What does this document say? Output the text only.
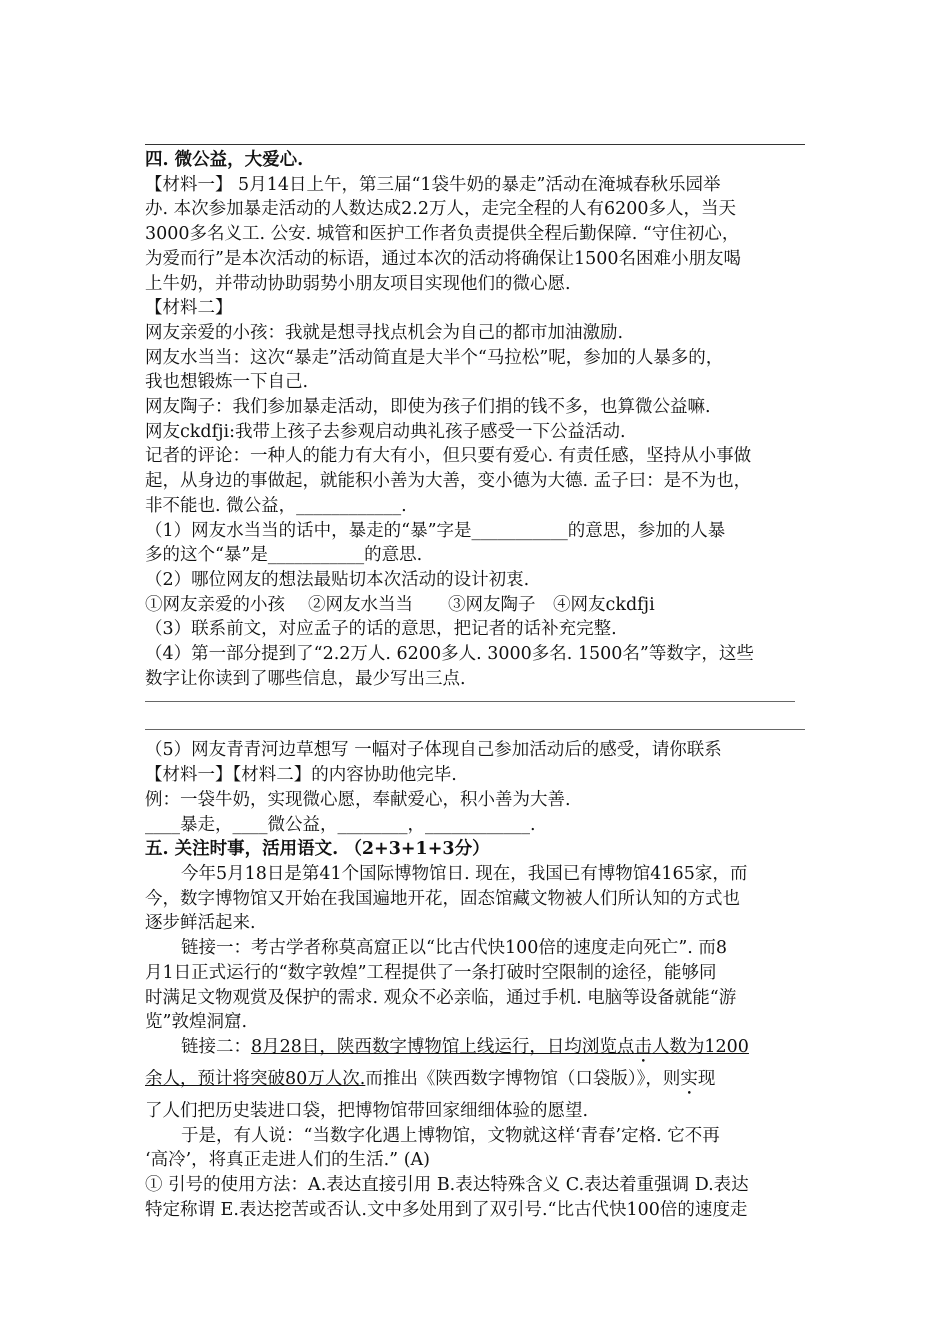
四. 微公益，大爱心.
【材料一】 5月14日上午，第三届“1袋牛奶的暴走”活动在淹城春秋乐园举
办. 本次参加暴走活动的人数达成2.2万人，走完全程的人有6200多人，当天
3000多名义工. 公安. 城管和医护工作者负责提供全程后勤保障. “守住初心，
为爱而行”是本次活动的标语，通过本次的活动将确保让1500名困难小朋友喝
上牛奶，并带动协助弱势小朋友项目实现他们的微心愿.
【材料二】
网友亲爱的小孩：我就是想寻找点机会为自己的都市加油激励.
网友水当当：这次“暴走”活动简直是大半个“马拉松”呢，参加的人暴多的，
我也想锻炼一下自己.
网友陶子：我们参加暴走活动，即使为孩子们捐的钱不多，也算微公益嘛.
网友ckdfji:我带上孩子去参观启动典礼孩子感受一下公益活动.
记者的评论：一种人的能力有大有小，但只要有爱心. 有责任感，坚持从小事做
起，从身边的事做起，就能积小善为大善，变小德为大德. 孟子曰：是不为也，
非不能也. 微公益，____________.
（1）网友水当当的话中，暴走的“暴”字是___________的意思，参加的人暴
多的这个“暴”是___________的意思.
（2）哪位网友的想法最贴切本次活动的设计初衷.
①网友亲爱的小孩　 ②网友水当当　　③网友陶子　④网友ckdfji
（3）联系前文，对应孟子的话的意思，把记者的话补充完整.
（4）第一部分提到了“2.2万人. 6200多人. 3000多名. 1500名”等数字，这些
数字让你读到了哪些信息，最少写出三点.
（5）网友青青河边草想写 一幅对子体现自己参加活动后的感受，请你联系
【材料一】【材料二】的内容协助他完毕.
例：一袋牛奶，实现微心愿，奉献爱心，积小善为大善.
____暴走，____微公益，________，____________.
五. 关注时事，活用语文. （2+3+1+3分）
今年5月18日是第41个国际博物馆日. 现在，我国已有博物馆4165家，而
今，数字博物馆又开始在我国遍地开花，固态馆藏文物被人们所认知的方式也
逐步鲜活起来.
链接一：考古学者称莫高窟正以“比古代快100倍的速度走向死亡”. 而8
月1日正式运行的“数字敦煌”工程提供了一条打破时空限制的途径，能够同
时满足文物观赏及保护的需求. 观众不必亲临，通过手机. 电脑等设备就能“游
览”敦煌洞窟.
链接二：8月28日，陕西数字博物馆上线运行，日均浏览点击人数为1200
余人，预计将突破80万人次.而推出《陕西数字博物馆（口袋版）》，则实现
了人们把历史装进口袋，把博物馆带回家细细体验的愿望.
于是，有人说：“当数字化遇上博物馆，文物就这样‘青春’定格. 它不再
‘高冷’，将真正走进人们的生活.” (A)
① 引号的使用方法：A.表达直接引用 B.表达特殊含义 C.表达着重强调 D.表达
特定称谓 E.表达挖苦或否认.文中多处用到了双引号.“比古代快100倍的速度走
